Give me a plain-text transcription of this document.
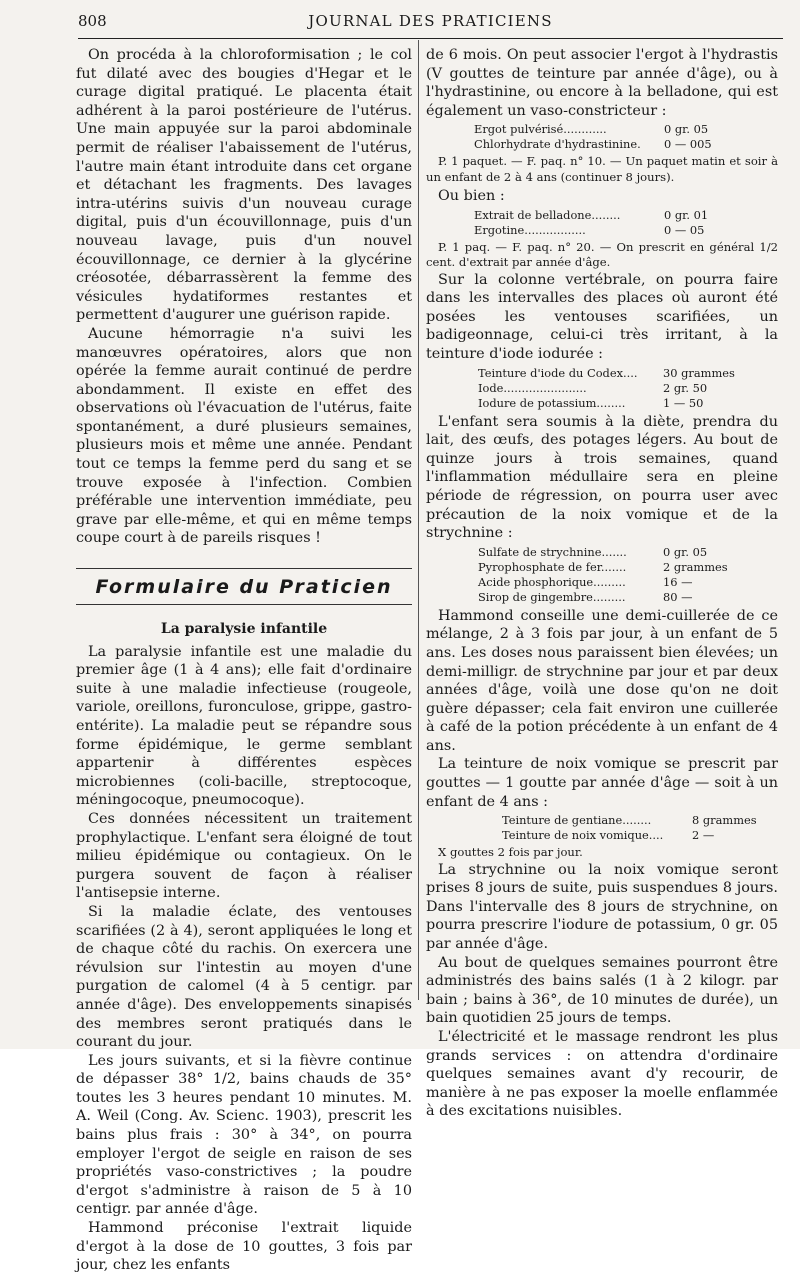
808	JOURNAL DES PRATICIENS

On procéda à la chloroformisation ; le col fut dilaté avec des bougies d'Hegar et le curage digital pratiqué. Le placenta était adhérent à la paroi postérieure de l'utérus. Une main appuyée sur la paroi abdominale permit de réaliser l'abaissement de l'utérus, l'autre main étant introduite dans cet organe et détachant les fragments. Des lavages intra-utérins suivis d'un nouveau curage digital, puis d'un écouvillonnage, puis d'un nouveau lavage, puis d'un nouvel écouvillonnage, ce dernier à la glycérine créosotée, débarrassèrent la femme des vésicules hydatiformes restantes et permettent d'augurer une guérison rapide.

Aucune hémorragie n'a suivi les manœuvres opératoires, alors que non opérée la femme aurait continué de perdre abondamment. Il existe en effet des observations où l'évacuation de l'utérus, faite spontanément, a duré plusieurs semaines, plusieurs mois et même une année. Pendant tout ce temps la femme perd du sang et se trouve exposée à l'infection. Combien préférable une intervention immédiate, peu grave par elle-même, et qui en même temps coupe court à de pareils risques !

Formulaire du Praticien
La paralysie infantile

La paralysie infantile est une maladie du premier âge (1 à 4 ans); elle fait d'ordinaire suite à une maladie infectieuse (rougeole, variole, oreillons, furonculose, grippe, gastro-entérite). La maladie peut se répandre sous forme épidémique, le germe semblant appartenir à différentes espèces microbiennes (coli-bacille, streptocoque, méningocoque, pneumocoque).

Ces données nécessitent un traitement prophylactique. L'enfant sera éloigné de tout milieu épidémique ou contagieux. On le purgera souvent de façon à réaliser l'antisepsie interne.

Si la maladie éclate, des ventouses scarifiées (2 à 4), seront appliquées le long et de chaque côté du rachis. On exercera une révulsion sur l'intestin au moyen d'une purgation de calomel (4 à 5 centigr. par année d'âge). Des enveloppements sinapisés des membres seront pratiqués dans le courant du jour.

Les jours suivants, et si la fièvre continue de dépasser 38° 1/2, bains chauds de 35° toutes les 3 heures pendant 10 minutes. M. A. Weil (Cong. Av. Scienc. 1903), prescrit les bains plus frais : 30° à 34°, on pourra employer l'ergot de seigle en raison de ses propriétés vaso-constrictives ; la poudre d'ergot s'administre à raison de 5 à 10 centigr. par année d'âge.

Hammond préconise l'extrait liquide d'ergot à la dose de 10 gouttes, 3 fois par jour, chez les enfants

de 6 mois. On peut associer l'ergot à l'hydrastis (V gouttes de teinture par année d'âge), ou à l'hydrastinine, ou encore à la belladone, qui est également un vaso-constricteur :

Ergot pulvérisé............	0 gr. 05
Chlorhydrate d'hydrastinine.	0 — 005

P. 1 paquet. — F. paq. n° 10. — Un paquet matin et soir à un enfant de 2 à 4 ans (continuer 8 jours).

Ou bien :

Extrait de belladone........	0 gr. 01
Ergotine.................	0 — 05

P. 1 paq. — F. paq. n° 20. — On prescrit en général 1/2 cent. d'extrait par année d'âge.

Sur la colonne vertébrale, on pourra faire dans les intervalles des places où auront été posées les ventouses scarifiées, un badigeonnage, celui-ci très irritant, à la teinture d'iode iodurée :

Teinture d'iode du Codex....	30 grammes
Iode.......................	2 gr. 50
Iodure de potassium........	1 — 50

L'enfant sera soumis à la diète, prendra du lait, des œufs, des potages légers. Au bout de quinze jours à trois semaines, quand l'inflammation médullaire sera en pleine période de régression, on pourra user avec précaution de la noix vomique et de la strychnine :

Sulfate de strychnine.......	0 gr. 05
Pyrophosphate de fer.......	2 grammes
Acide phosphorique.........	16 —
Sirop de gingembre.........	80 —

Hammond conseille une demi-cuillerée de ce mélange, 2 à 3 fois par jour, à un enfant de 5 ans. Les doses nous paraissent bien élevées; un demi-milligr. de strychnine par jour et par deux années d'âge, voilà une dose qu'on ne doit guère dépasser; cela fait environ une cuillerée à café de la potion précédente à un enfant de 4 ans.

La teinture de noix vomique se prescrit par gouttes — 1 goutte par année d'âge — soit à un enfant de 4 ans :

Teinture de gentiane........	8 grammes
Teinture de noix vomique....	2 —

X gouttes 2 fois par jour.

La strychnine ou la noix vomique seront prises 8 jours de suite, puis suspendues 8 jours. Dans l'intervalle des 8 jours de strychnine, on pourra prescrire l'iodure de potassium, 0 gr. 05 par année d'âge.

Au bout de quelques semaines pourront être administrés des bains salés (1 à 2 kilogr. par bain ; bains à 36°, de 10 minutes de durée), un bain quotidien 25 jours de temps.

L'électricité et le massage rendront les plus grands services : on attendra d'ordinaire quelques semaines avant d'y recourir, de manière à ne pas exposer la moelle enflammée à des excitations nuisibles.
